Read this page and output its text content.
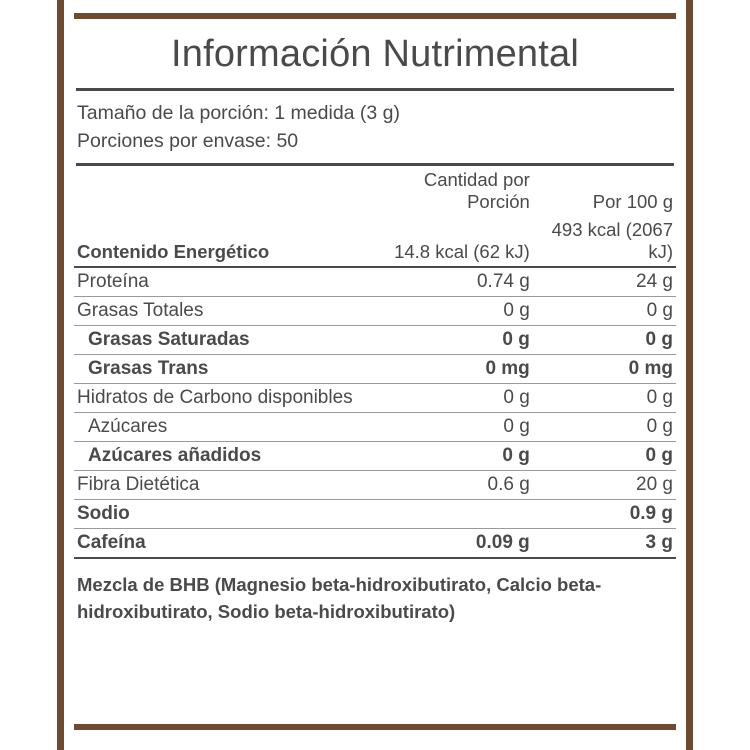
Información Nutrimental
Tamaño de la porción: 1 medida (3 g)
Porciones por envase: 50
	Cantidad por Porción	Por 100 g
Contenido Energético	14.8 kcal (62 kJ)	493 kcal (2067 kJ)
Proteína	0.74 g	24 g
Grasas Totales	0 g	0 g
Grasas Saturadas	0 g	0 g
Grasas Trans	0 mg	0 mg
Hidratos de Carbono disponibles	0 g	0 g
Azúcares	0 g	0 g
Azúcares añadidos	0 g	0 g
Fibra Dietética	0.6 g	20 g
Sodio		0.9 g
Cafeína	0.09 g	3 g
Mezcla de BHB (Magnesio beta-hidroxibutirato, Calcio beta-hidroxibutirato, Sodio beta-hidroxibutirato)
